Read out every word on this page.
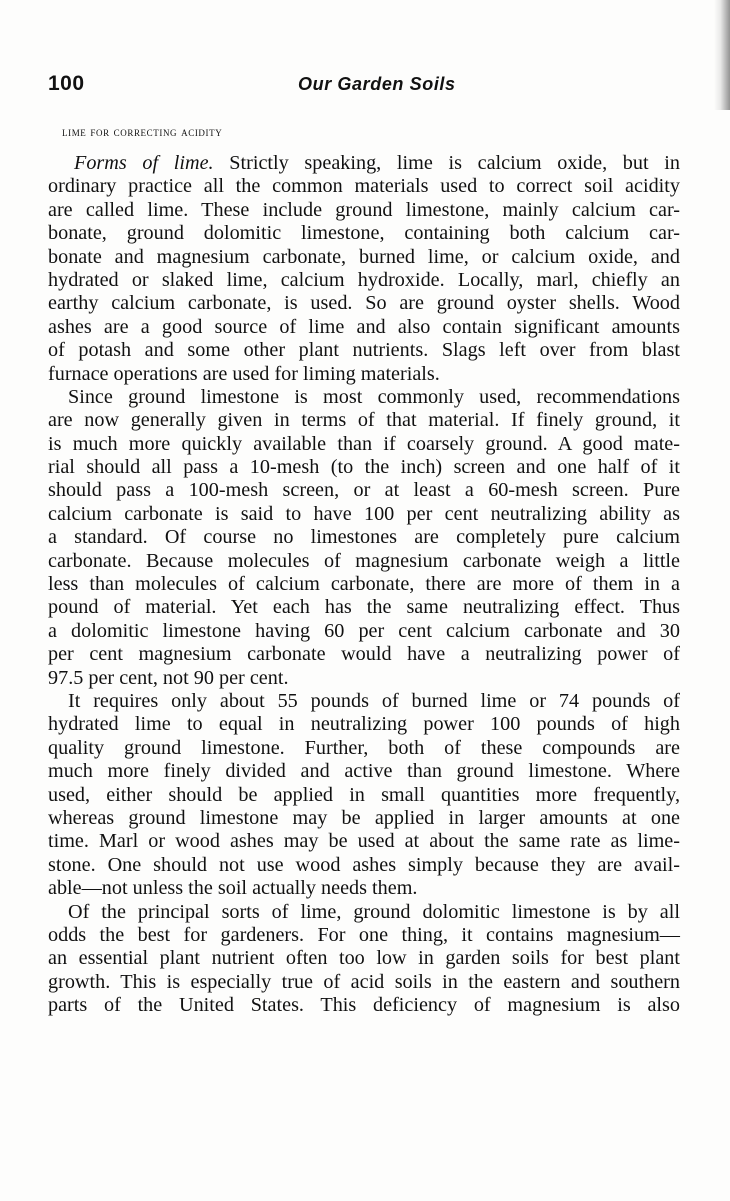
100	Our Garden Soils
lime for correcting acidity
Forms of lime. Strictly speaking, lime is calcium oxide, but in
ordinary practice all the common materials used to correct soil acidity
are called lime. These include ground limestone, mainly calcium car-
bonate, ground dolomitic limestone, containing both calcium car-
bonate and magnesium carbonate, burned lime, or calcium oxide, and
hydrated or slaked lime, calcium hydroxide. Locally, marl, chiefly an
earthy calcium carbonate, is used. So are ground oyster shells. Wood
ashes are a good source of lime and also contain significant amounts
of potash and some other plant nutrients. Slags left over from blast
furnace operations are used for liming materials.
Since ground limestone is most commonly used, recommendations
are now generally given in terms of that material. If finely ground, it
is much more quickly available than if coarsely ground. A good mate-
rial should all pass a 10-mesh (to the inch) screen and one half of it
should pass a 100-mesh screen, or at least a 60-mesh screen. Pure
calcium carbonate is said to have 100 per cent neutralizing ability as
a standard. Of course no limestones are completely pure calcium
carbonate. Because molecules of magnesium carbonate weigh a little
less than molecules of calcium carbonate, there are more of them in a
pound of material. Yet each has the same neutralizing effect. Thus
a dolomitic limestone having 60 per cent calcium carbonate and 30
per cent magnesium carbonate would have a neutralizing power of
97.5 per cent, not 90 per cent.
It requires only about 55 pounds of burned lime or 74 pounds of
hydrated lime to equal in neutralizing power 100 pounds of high
quality ground limestone. Further, both of these compounds are
much more finely divided and active than ground limestone. Where
used, either should be applied in small quantities more frequently,
whereas ground limestone may be applied in larger amounts at one
time. Marl or wood ashes may be used at about the same rate as lime-
stone. One should not use wood ashes simply because they are avail-
able—not unless the soil actually needs them.
Of the principal sorts of lime, ground dolomitic limestone is by all
odds the best for gardeners. For one thing, it contains magnesium—
an essential plant nutrient often too low in garden soils for best plant
growth. This is especially true of acid soils in the eastern and southern
parts of the United States. This deficiency of magnesium is also
